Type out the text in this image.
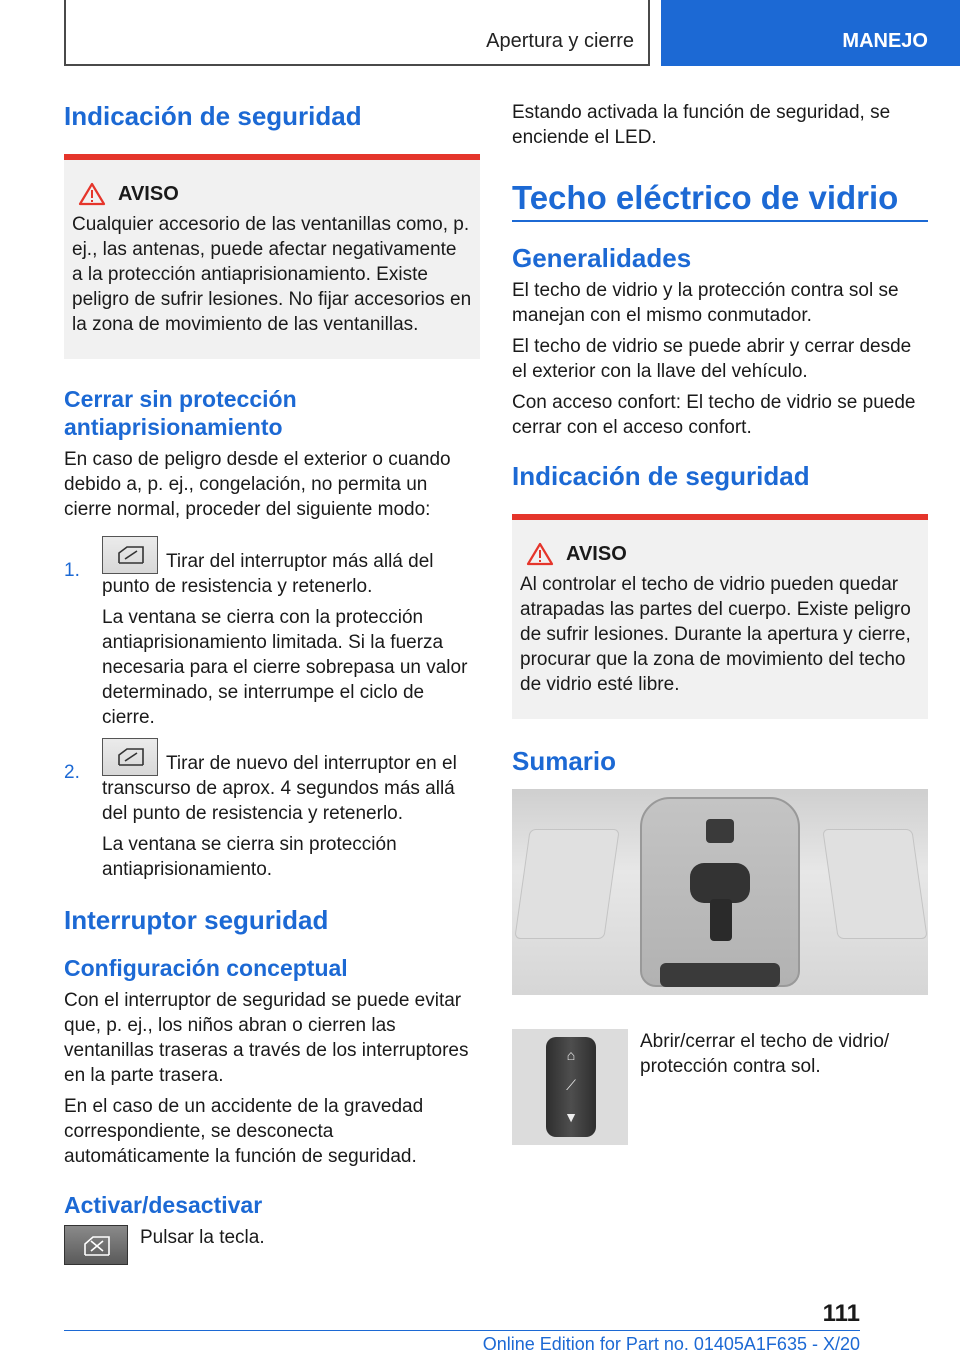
Apertura y cierre	MANEJO
Indicación de seguridad
AVISO

Cualquier accesorio de las ventanillas como, p. ej., las antenas, puede afectar negativamente a la protección antiaprisionamiento. Existe peligro de sufrir lesiones. No fijar accesorios en la zona de movimiento de las ventanillas.

Cerrar sin protección antiaprisionamiento

En caso de peligro desde el exterior o cuando debido a, p. ej., congelación, no permita un cierre normal, proceder del siguiente modo:

1.	Tirar del interruptor más allá del punto de resistencia y retenerlo.

La ventana se cierra con la protección antiaprisionamiento limitada. Si la fuerza necesaria para el cierre sobrepasa un valor determinado, se interrumpe el ciclo de cierre.

2.	Tirar de nuevo del interruptor en el transcurso de aprox. 4 segundos más allá del punto de resistencia y retenerlo.

La ventana se cierra sin protección antiaprisionamiento.

Interruptor seguridad
Configuración conceptual

Con el interruptor de seguridad se puede evitar que, p. ej., los niños abran o cierren las ventanillas traseras a través de los interruptores en la parte trasera.

En el caso de un accidente de la gravedad correspondiente, se desconecta automáticamente la función de seguridad.

Activar/desactivar

Pulsar la tecla.

Estando activada la función de seguridad, se enciende el LED.

Techo eléctrico de vidrio
Generalidades

El techo de vidrio y la protección contra sol se manejan con el mismo conmutador.

El techo de vidrio se puede abrir y cerrar desde el exterior con la llave del vehículo.

Con acceso confort: El techo de vidrio se puede cerrar con el acceso confort.

Indicación de seguridad
AVISO

Al controlar el techo de vidrio pueden quedar atrapadas las partes del cuerpo. Existe peligro de sufrir lesiones. Durante la apertura y cierre, procurar que la zona de movimiento del techo de vidrio esté libre.

Sumario
⌂
⟋
▼

Abrir/cerrar el techo de vidrio/ protección contra sol.

111
Online Edition for Part no. 01405A1F635 - X/20
